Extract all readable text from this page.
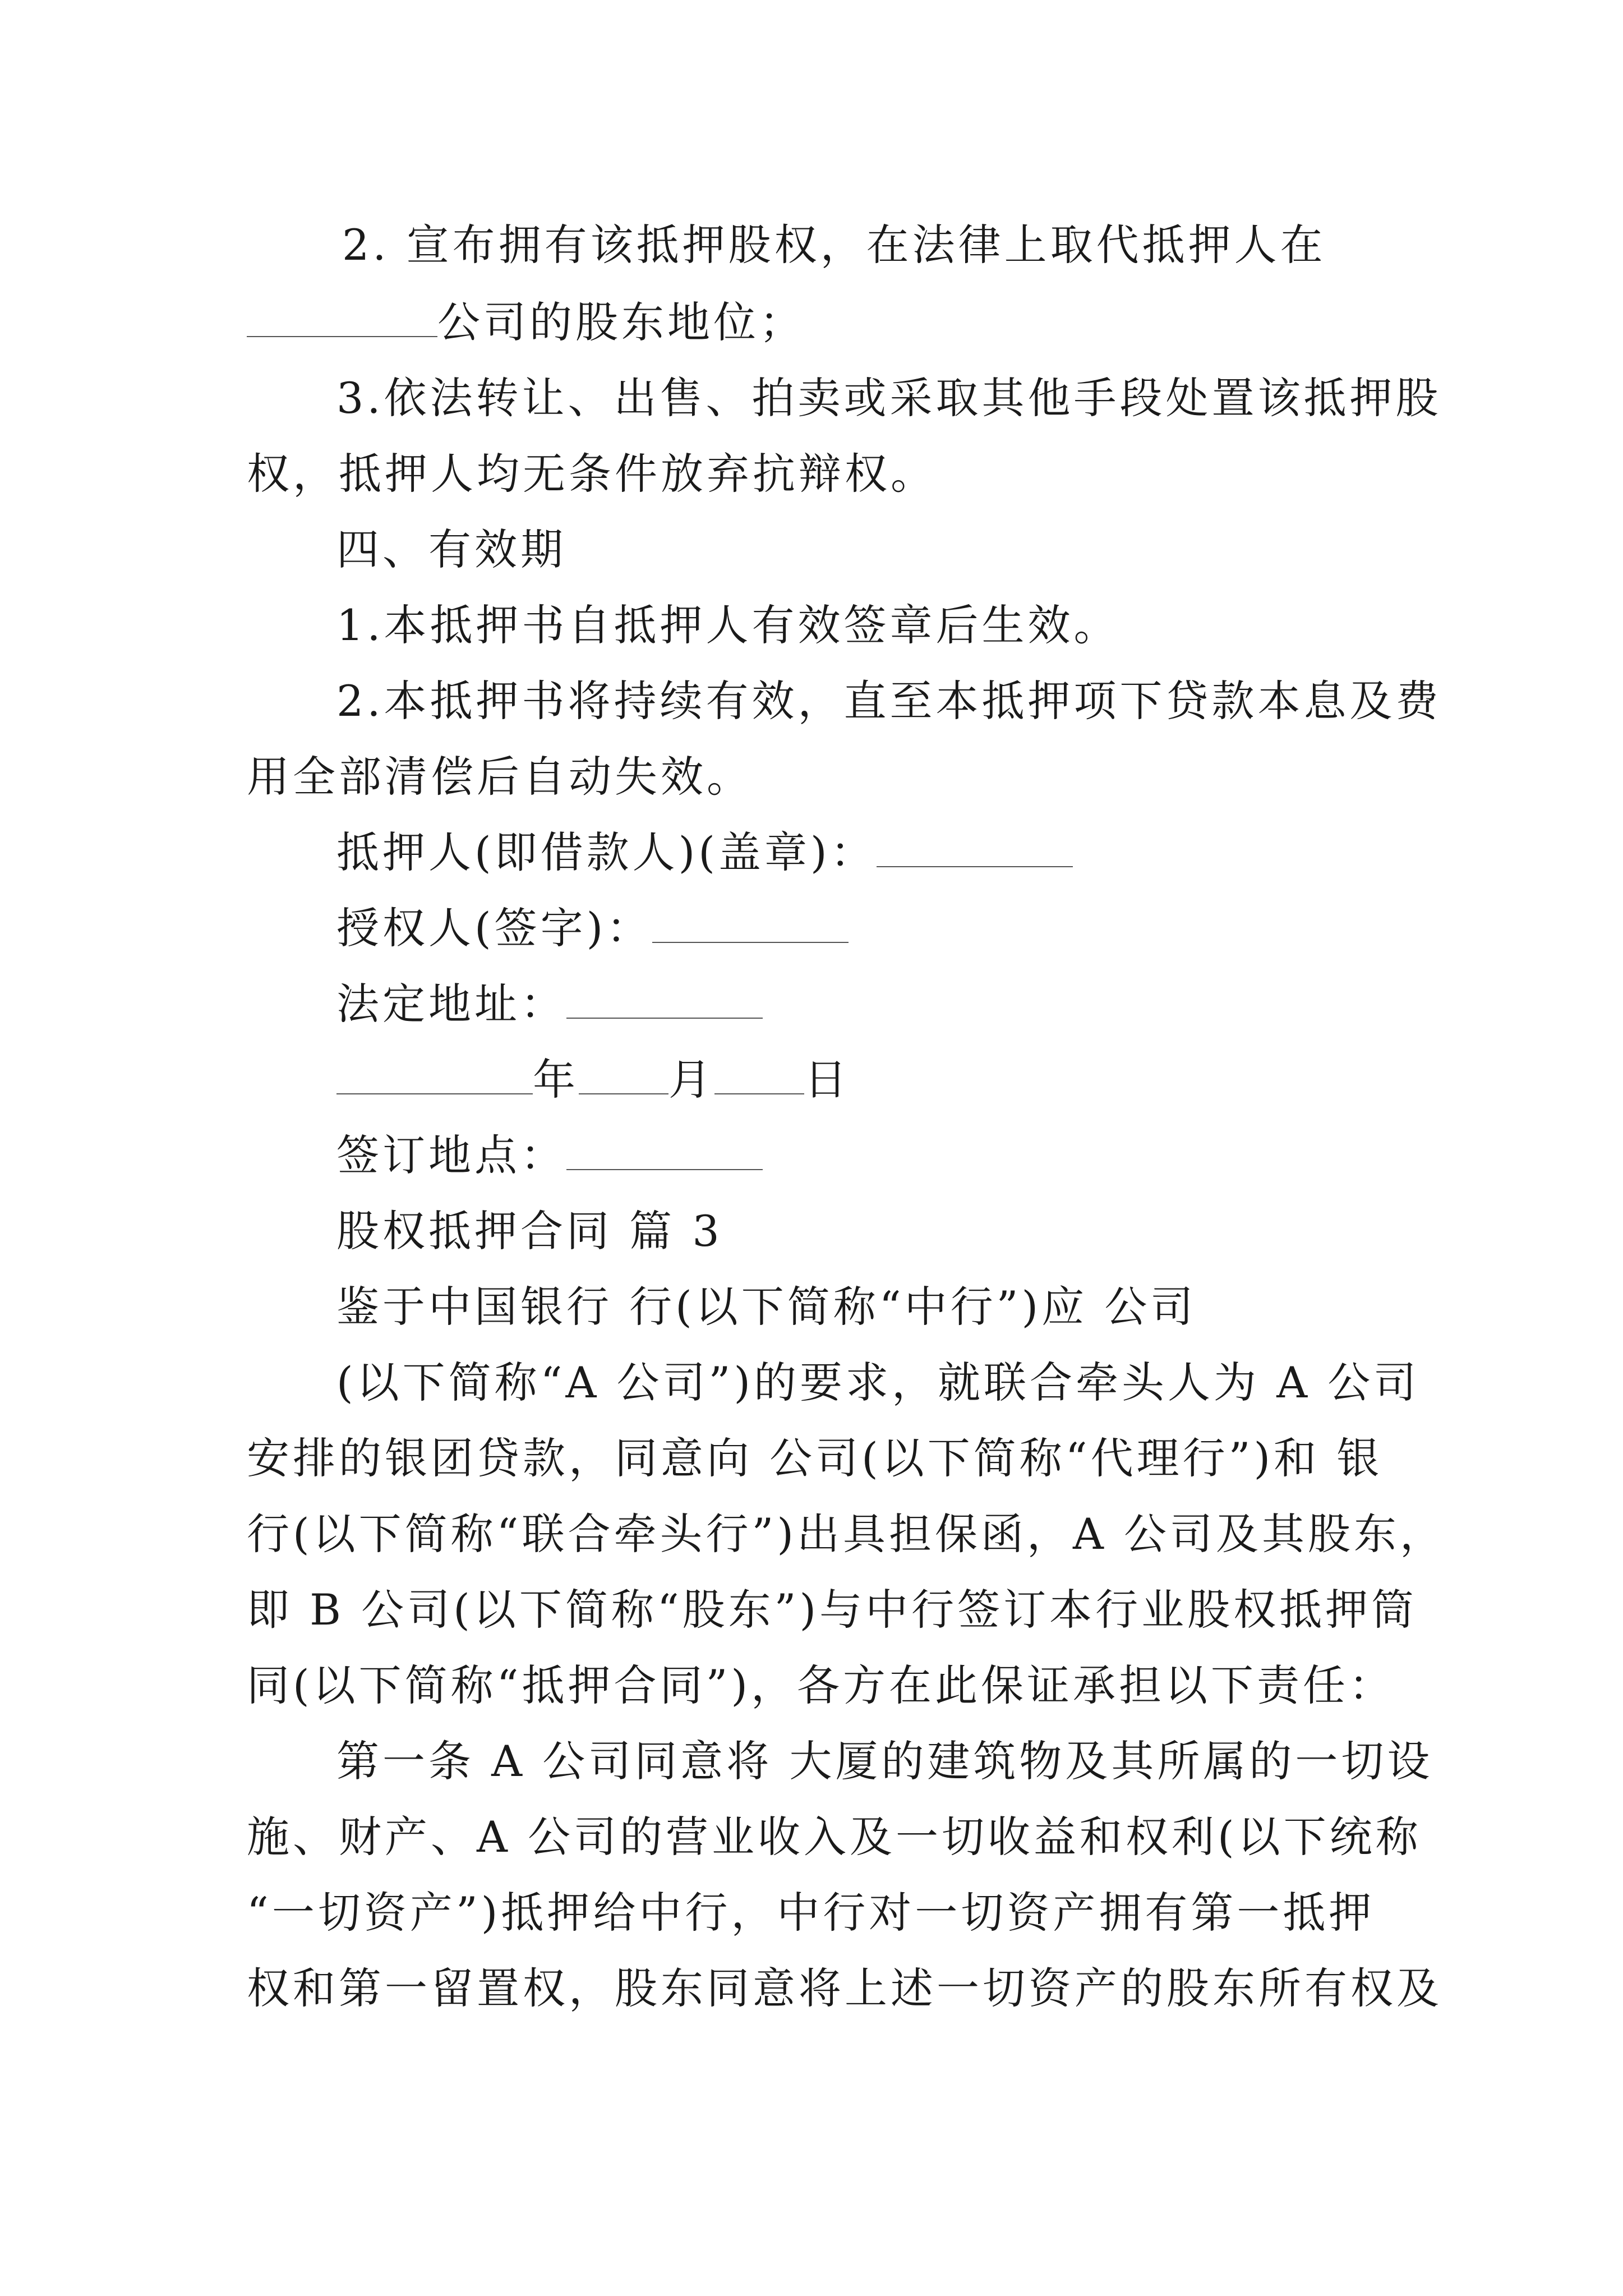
2. 宣布拥有该抵押股权，在法律上取代抵押人在
公司的股东地位；
3.依法转让、出售、拍卖或采取其他手段处置该抵押股
权，抵押人均无条件放弃抗辩权。
四、有效期
1.本抵押书自抵押人有效签章后生效。
2.本抵押书将持续有效，直至本抵押项下贷款本息及费
用全部清偿后自动失效。
抵押人(即借款人)(盖章)：
授权人(签字)：
法定地址：
年 月 日
签订地点：
股权抵押合同 篇 3
鉴于中国银行 行(以下简称“中行”)应 公司
(以下简称“A 公司”)的要求，就联合牵头人为 A 公司
安排的银团贷款，同意向 公司(以下简称“代理行”)和 银
行(以下简称“联合牵头行”)出具担保函，A 公司及其股东，
即 B 公司(以下简称“股东”)与中行签订本行业股权抵押筒
同(以下简称“抵押合同”)，各方在此保证承担以下责任：
第一条 A 公司同意将 大厦的建筑物及其所属的一切设
施、财产、A 公司的营业收入及一切收益和权利(以下统称
“一切资产”)抵押给中行，中行对一切资产拥有第一抵押
权和第一留置权，股东同意将上述一切资产的股东所有权及
